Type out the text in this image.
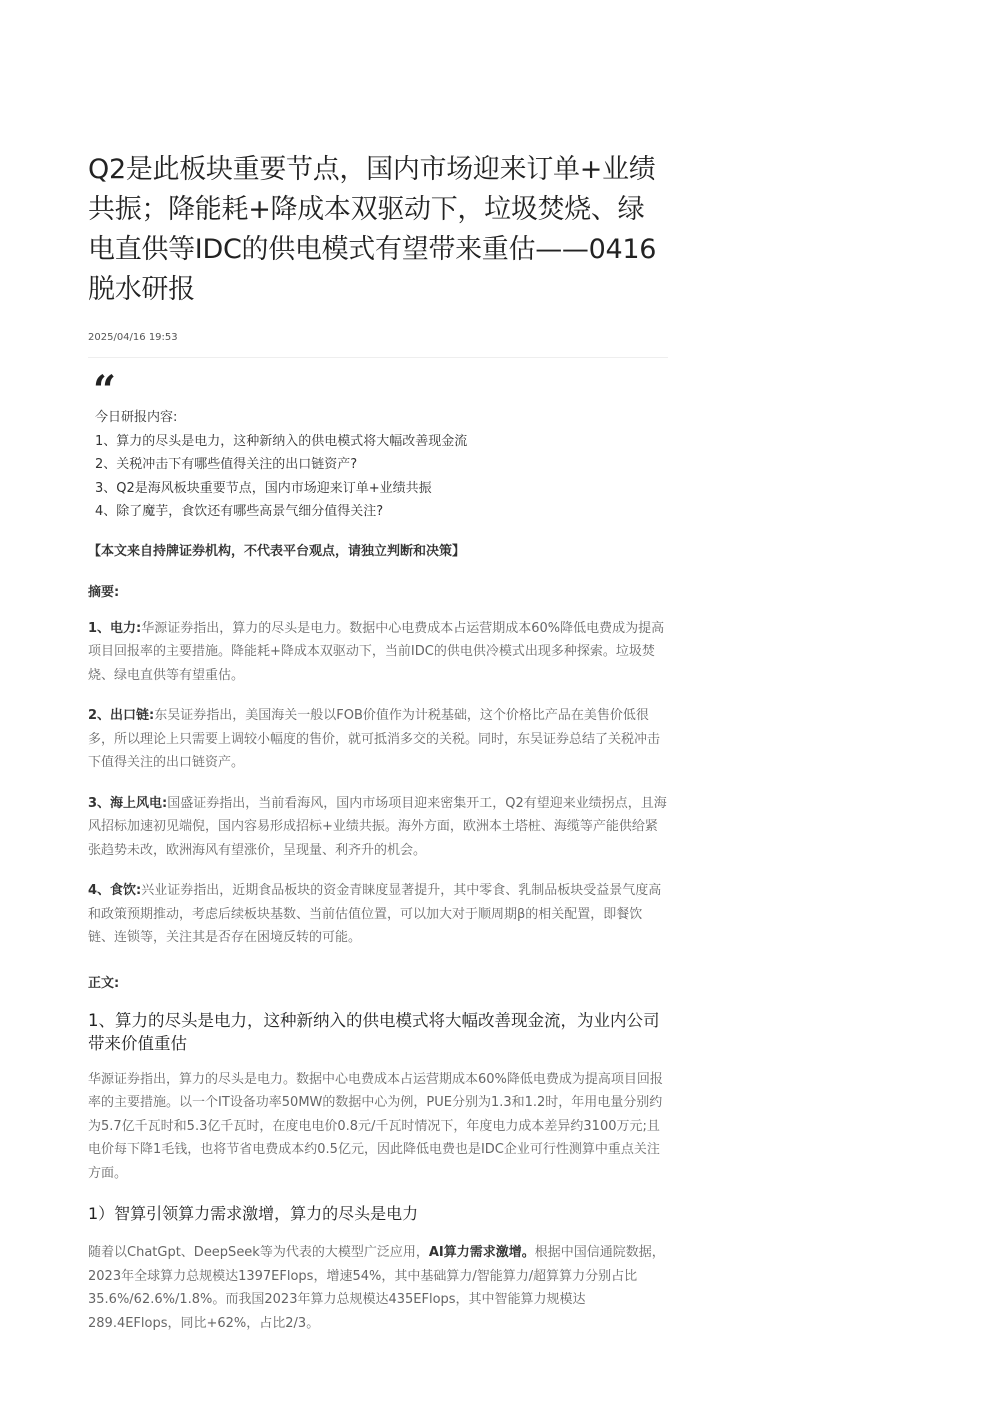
Q2是此板块重要节点，国内市场迎来订单+业绩共振；降能耗+降成本双驱动下，垃圾焚烧、绿电直供等IDC的供电模式有望带来重估——0416脱水研报
2025/04/16 19:53
“

今日研报内容:

1、算力的尽头是电力，这种新纳入的供电模式将大幅改善现金流

2、关税冲击下有哪些值得关注的出口链资产?

3、Q2是海风板块重要节点，国内市场迎来订单+业绩共振

4、除了魔芋，食饮还有哪些高景气细分值得关注?

【本文来自持牌证券机构，不代表平台观点，请独立判断和决策】
摘要:
1、电力:华源证券指出，算力的尽头是电力。数据中心电费成本占运营期成本60%降低电费成为提高项目回报率的主要措施。降能耗+降成本双驱动下，当前IDC的供电供冷模式出现多种探索。垃圾焚烧、绿电直供等有望重估。
2、出口链:东吴证券指出，美国海关一般以FOB价值作为计税基础，这个价格比产品在美售价低很多，所以理论上只需要上调较小幅度的售价，就可抵消多交的关税。同时，东吴证券总结了关税冲击下值得关注的出口链资产。
3、海上风电:国盛证券指出，当前看海风，国内市场项目迎来密集开工，Q2有望迎来业绩拐点，且海风招标加速初见端倪，国内容易形成招标+业绩共振。海外方面，欧洲本土塔桩、海缆等产能供给紧张趋势未改，欧洲海风有望涨价，呈现量、利齐升的机会。
4、食饮:兴业证券指出，近期食品板块的资金青睐度显著提升，其中零食、乳制品板块受益景气度高和政策预期推动，考虑后续板块基数、当前估值位置，可以加大对于顺周期β的相关配置，即餐饮链、连锁等，关注其是否存在困境反转的可能。
正文:
1、算力的尽头是电力，这种新纳入的供电模式将大幅改善现金流，为业内公司带来价值重估
华源证券指出，算力的尽头是电力。数据中心电费成本占运营期成本60%降低电费成为提高项目回报率的主要措施。以一个IT设备功率50MW的数据中心为例，PUE分别为1.3和1.2时，年用电量分别约为5.7亿千瓦时和5.3亿千瓦时，在度电电价0.8元/千瓦时情况下，年度电力成本差异约3100万元;且电价每下降1毛钱，也将节省电费成本约0.5亿元，因此降低电费也是IDC企业可行性测算中重点关注方面。
1）智算引领算力需求激增，算力的尽头是电力
随着以ChatGpt、DeepSeek等为代表的大模型广泛应用，AI算力需求激增。根据中国信通院数据，2023年全球算力总规模达1397EFlops，增速54%，其中基础算力/智能算力/超算算力分别占比35.6%/62.6%/1.8%。而我国2023年算力总规模达435EFlops，其中智能算力规模达289.4EFlops，同比+62%，占比2/3。
